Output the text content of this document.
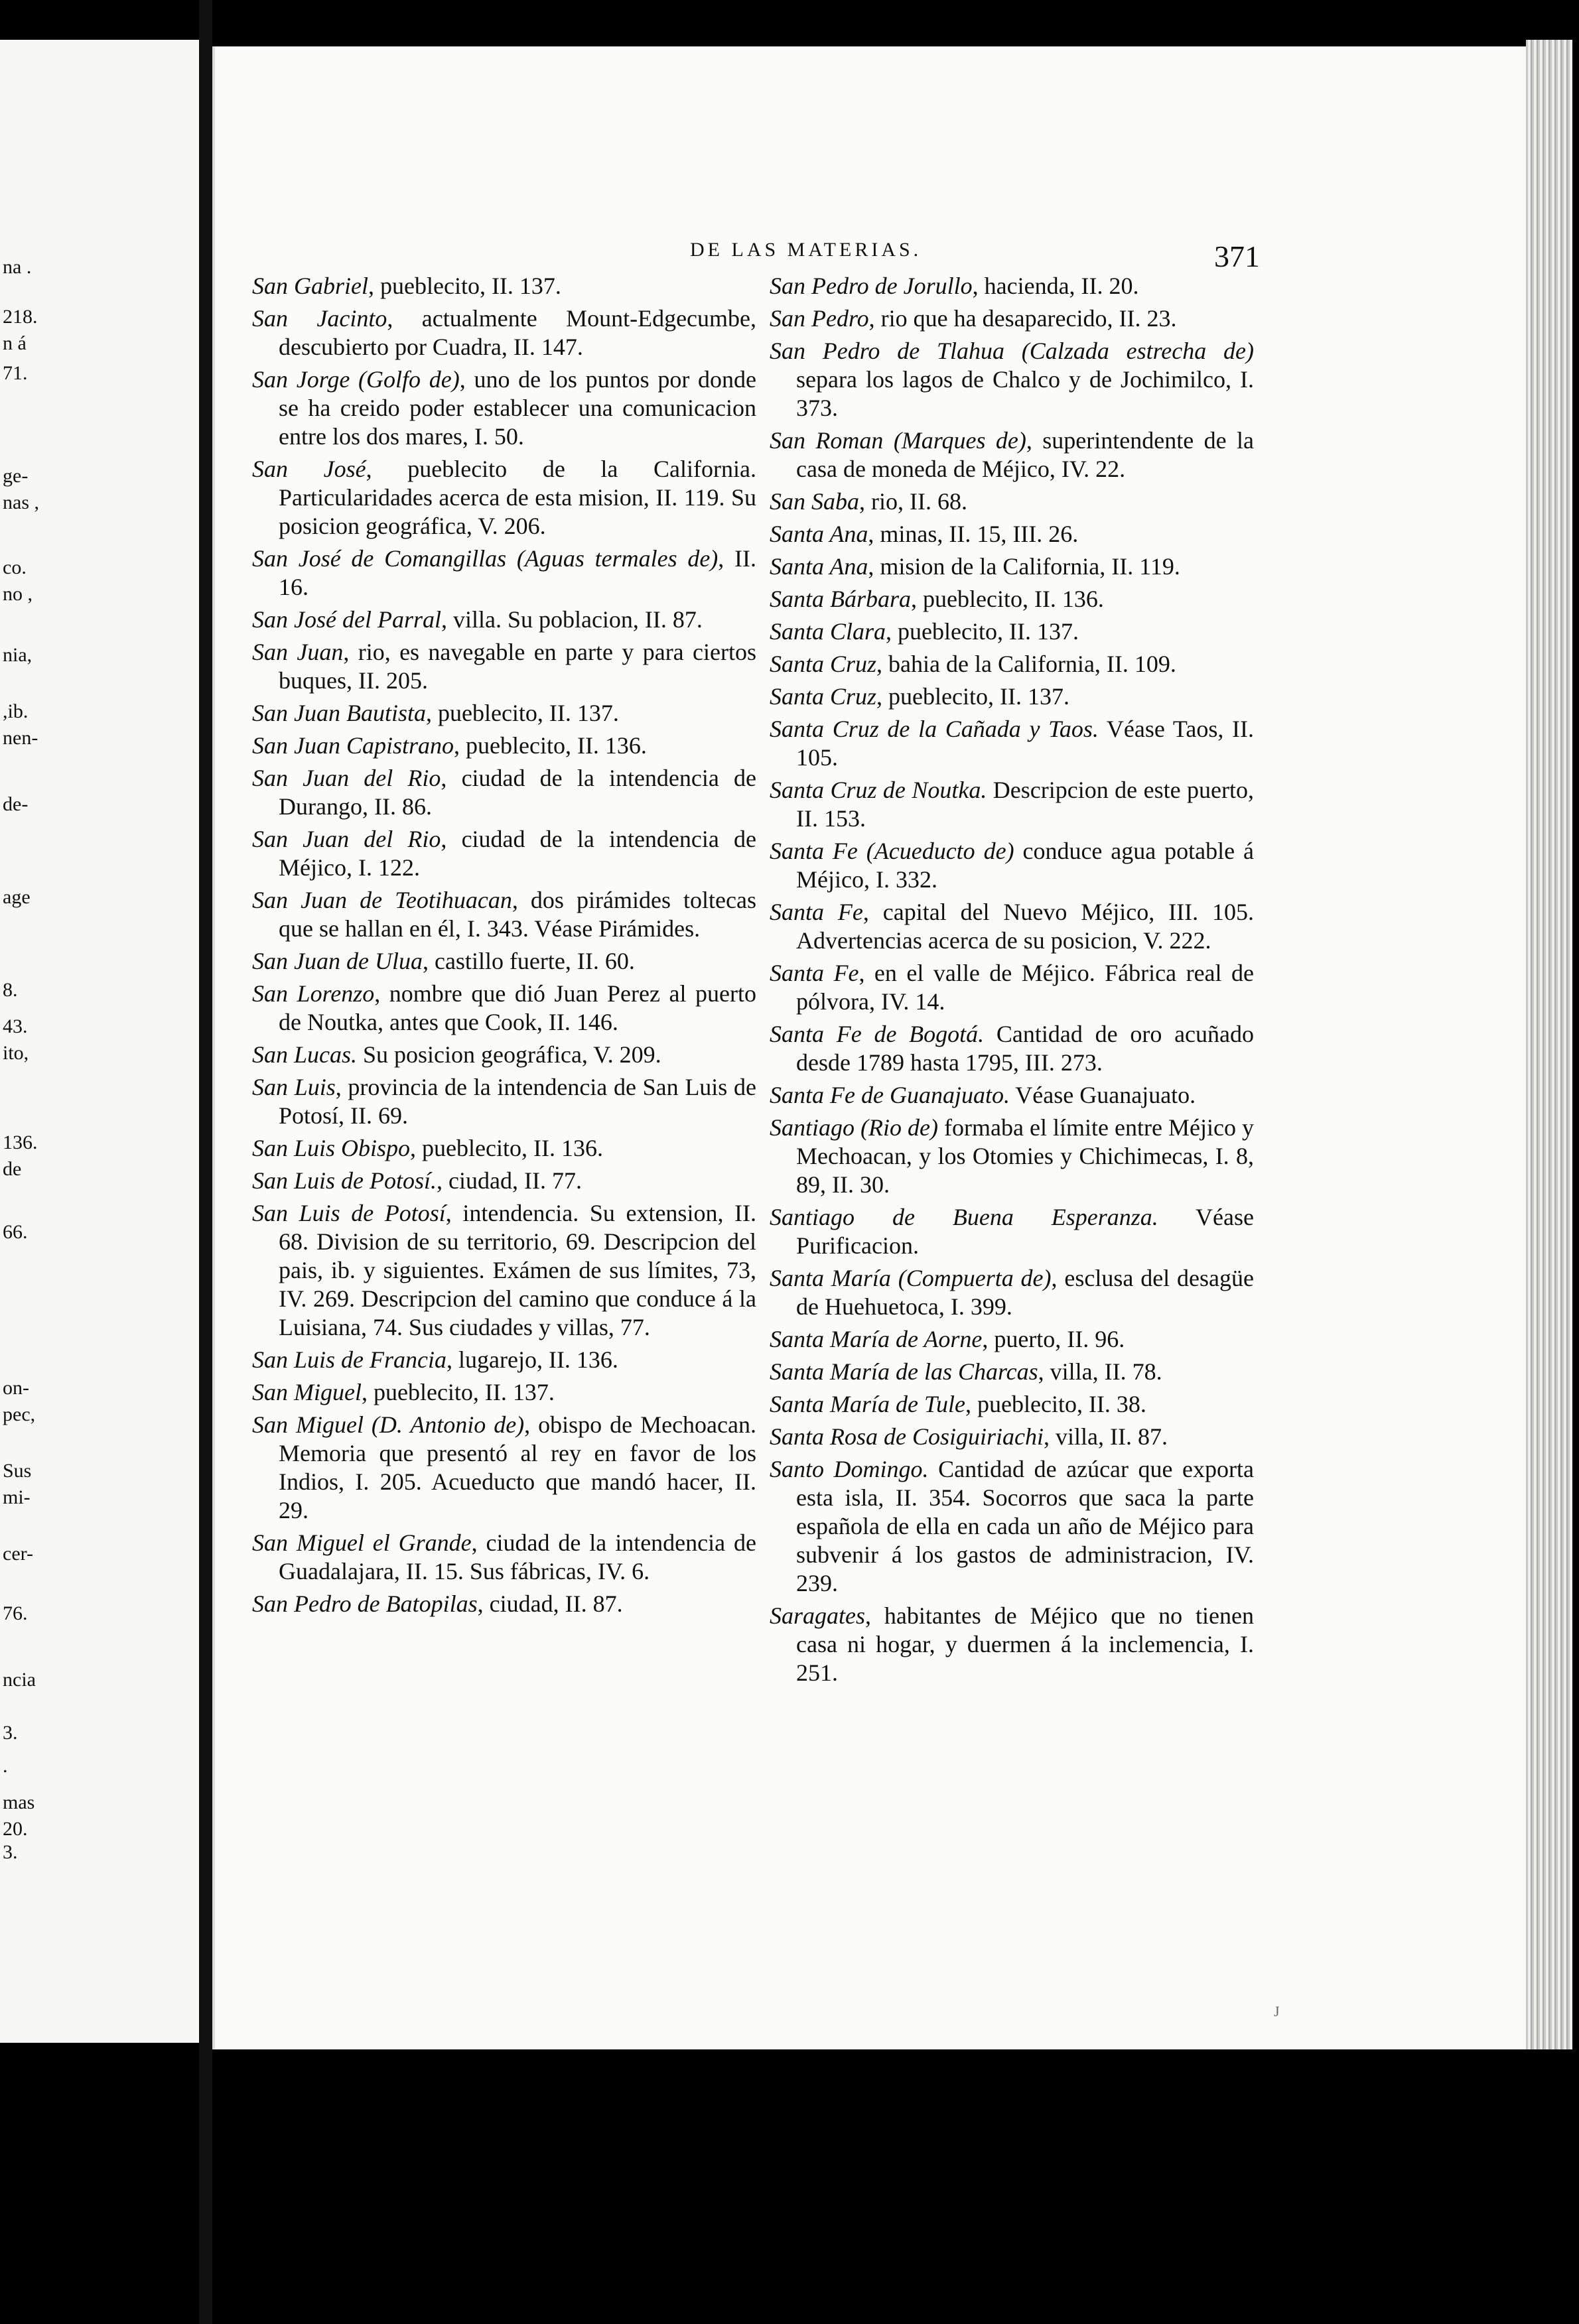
na .
218.
n á
71.
ge-
nas ,
co.
no ,
nia,
,ib.
nen-
de-
age
8.
43.
ito,
136.
de
66.
on-
pec,
Sus
mi-
cer-
76.
ncia
3.
.
mas
20.
3.
DE LAS MATERIAS.	371
San Gabriel, pueblecito, II. 137.
San Jacinto, actualmente Mount-Edgecumbe, descubierto por Cuadra, II. 147.
San Jorge (Golfo de), uno de los puntos por donde se ha creido poder establecer una comunicacion entre los dos mares, I. 50.
San José, pueblecito de la California. Particularidades acerca de esta mision, II. 119. Su posicion geográfica, V. 206.
San José de Comangillas (Aguas termales de), II. 16.
San José del Parral, villa. Su poblacion, II. 87.
San Juan, rio, es navegable en parte y para ciertos buques, II. 205.
San Juan Bautista, pueblecito, II. 137.
San Juan Capistrano, pueblecito, II. 136.
San Juan del Rio, ciudad de la intendencia de Durango, II. 86.
San Juan del Rio, ciudad de la intendencia de Méjico, I. 122.
San Juan de Teotihuacan, dos pirámides toltecas que se hallan en él, I. 343. Véase Pirámides.
San Juan de Ulua, castillo fuerte, II. 60.
San Lorenzo, nombre que dió Juan Perez al puerto de Noutka, antes que Cook, II. 146.
San Lucas. Su posicion geográfica, V. 209.
San Luis, provincia de la intendencia de San Luis de Potosí, II. 69.
San Luis Obispo, pueblecito, II. 136.
San Luis de Potosí., ciudad, II. 77.
San Luis de Potosí, intendencia. Su extension, II. 68. Division de su territorio, 69. Descripcion del pais, ib. y siguientes. Exámen de sus límites, 73, IV. 269. Descripcion del camino que conduce á la Luisiana, 74. Sus ciudades y villas, 77.
San Luis de Francia, lugarejo, II. 136.
San Miguel, pueblecito, II. 137.
San Miguel (D. Antonio de), obispo de Mechoacan. Memoria que presentó al rey en favor de los Indios, I. 205. Acueducto que mandó hacer, II. 29.
San Miguel el Grande, ciudad de la intendencia de Guadalajara, II. 15. Sus fábricas, IV. 6.
San Pedro de Batopilas, ciudad, II. 87.
San Pedro de Jorullo, hacienda, II. 20.
San Pedro, rio que ha desaparecido, II. 23.
San Pedro de Tlahua (Calzada estrecha de) separa los lagos de Chalco y de Jochimilco, I. 373.
San Roman (Marques de), superintendente de la casa de moneda de Méjico, IV. 22.
San Saba, rio, II. 68.
Santa Ana, minas, II. 15, III. 26.
Santa Ana, mision de la California, II. 119.
Santa Bárbara, pueblecito, II. 136.
Santa Clara, pueblecito, II. 137.
Santa Cruz, bahia de la California, II. 109.
Santa Cruz, pueblecito, II. 137.
Santa Cruz de la Cañada y Taos. Véase Taos, II. 105.
Santa Cruz de Noutka. Descripcion de este puerto, II. 153.
Santa Fe (Acueducto de) conduce agua potable á Méjico, I. 332.
Santa Fe, capital del Nuevo Méjico, III. 105. Advertencias acerca de su posicion, V. 222.
Santa Fe, en el valle de Méjico. Fábrica real de pólvora, IV. 14.
Santa Fe de Bogotá. Cantidad de oro acuñado desde 1789 hasta 1795, III. 273.
Santa Fe de Guanajuato. Véase Guanajuato.
Santiago (Rio de) formaba el límite entre Méjico y Mechoacan, y los Otomies y Chichimecas, I. 8, 89, II. 30.
Santiago de Buena Esperanza. Véase Purificacion.
Santa María (Compuerta de), esclusa del desagüe de Huehuetoca, I. 399.
Santa María de Aorne, puerto, II. 96.
Santa María de las Charcas, villa, II. 78.
Santa María de Tule, pueblecito, II. 38.
Santa Rosa de Cosiguiriachi, villa, II. 87.
Santo Domingo. Cantidad de azúcar que exporta esta isla, II. 354. Socorros que saca la parte española de ella en cada un año de Méjico para subvenir á los gastos de administracion, IV. 239.
Saragates, habitantes de Méjico que no tienen casa ni hogar, y duermen á la inclemencia, I. 251.
J
